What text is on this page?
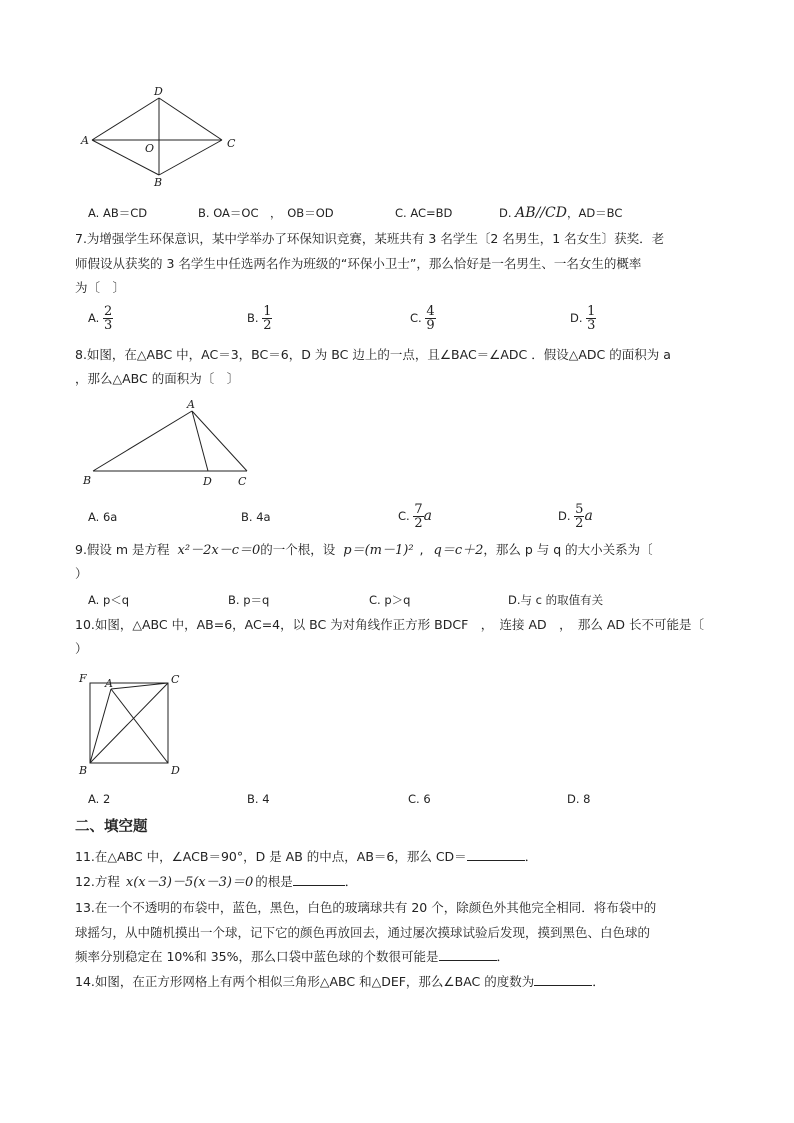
D
A
O	C
B
A. AB＝CD	B. OA＝OC　，　OB＝OD	C. AC=BD	D. AB//CD，AD＝BC
7.为增强学生环保意识，某中学举办了环保知识竞赛，某班共有 3 名学生〔2 名男生，1 名女生〕获奖．老
师假设从获奖的 3 名学生中任选两名作为班级的“环保小卫士”，那么恰好是一名男生、一名女生的概率
为〔　〕
A. $\frac{2}{3}$	B. $\frac{1}{2}$	C. $\frac{4}{9}$	D. $\frac{1}{3}$
8.如图，在△ABC 中，AC＝3，BC＝6，D 为 BC 边上的一点，且∠BAC＝∠ADC ．假设△ADC 的面积为 a
，那么△ABC 的面积为〔　〕
A
B	D C
A. 6a	B. 4a	C. $\frac{7}{2}$ a	D. $\frac{5}{2}$ a
9.假设 m 是方程 x²－2x－c＝0的一个根，设 p＝(m－1)² , q＝c＋2，那么 p 与 q 的大小关系为〔
）
A. p＜q	B. p＝q	C. p＞q	D.与 c 的取值有关
10.如图，△ABC 中，AB=6，AC=4，以 BC 为对角线作正方形 BDCF　，　连接 AD　，　那么 AD 长不可能是〔
）
F A	C
B	D
A. 2	B. 4	C. 6	D. 8
二、填空题
11.在△ABC 中，∠ACB＝90°，D 是 AB 的中点，AB＝6，那么 CD＝	．
12.方程 x(x－3)－5(x－3)＝0 的根是	．
13.在一个不透明的布袋中，蓝色，黑色，白色的玻璃球共有 20 个，除颜色外其他完全相同．将布袋中的
球摇匀，从中随机摸出一个球，记下它的颜色再放回去，通过屡次摸球试验后发现，摸到黑色、白色球的
频率分别稳定在 10%和 35%，那么口袋中蓝色球的个数很可能是	．
14.如图，在正方形网格上有两个相似三角形△ABC 和△DEF，那么∠BAC 的度数为	．
